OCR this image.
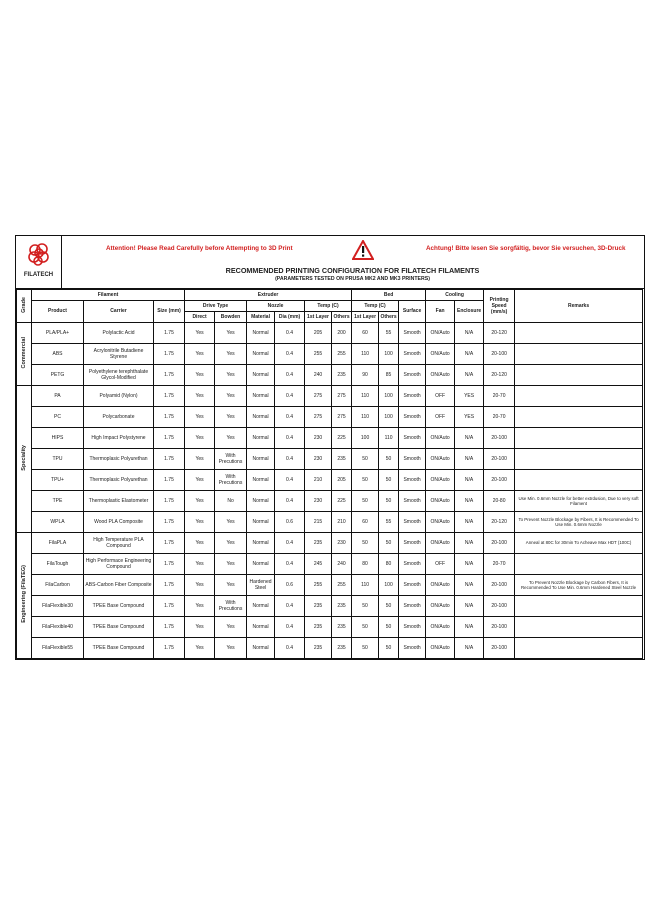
FILATECH
Attention! Please Read Carefully before Attempting to 3D Print	Achtung! Bitte lesen Sie sorgfältig, bevor Sie versuchen, 3D-Druck
RECOMMENDED PRINTING CONFIGURATION FOR FILATECH FILAMENTS
(PARAMETERS TESTED ON PRUSA MK2 AND MK3 PRINTERS)
Grade	Filament			Extruder						Bed			Cooling		Printing Speed (mm/s)	Remarks
	Product	Carrier	Size (mm)	Drive Type		Nozzle		Temp (C)		Temp (C)		Surface	Fan	Enclosure		
				Direct	Bowden	Material	Dia (mm)	1st Layer	Others	1st Layer	Others					
Commercial	PLA/PLA+	Polylactic Acid	1.75	Yes	Yes	Normal	0.4	205	200	60	55	Smooth	ON/Auto	N/A	20-120	
	ABS	Acrylonitrile Butadiene Styrene	1.75	Yes	Yes	Normal	0.4	255	255	110	100	Smooth	ON/Auto	N/A	20-100	
	PETG	Polyethylene terephthalate Glycol-Modified	1.75	Yes	Yes	Normal	0.4	240	235	90	85	Smooth	ON/Auto	N/A	20-120	
Speciality	PA	Polyamid (Nylon)	1.75	Yes	Yes	Normal	0.4	275	275	110	100	Smooth	OFF	YES	20-70	
	PC	Polycarbonate	1.75	Yes	Yes	Normal	0.4	275	275	110	100	Smooth	OFF	YES	20-70	
	HIPS	High Impact Polystyrene	1.75	Yes	Yes	Normal	0.4	230	225	100	110	Smooth	ON/Auto	N/A	20-100	
	TPU	Thermoplasic Polyurethan	1.75	Yes	With Precutions	Normal	0.4	230	235	50	50	Smooth	ON/Auto	N/A	20-100	
	TPU+	Thermoplasic Polyurethan	1.75	Yes	With Precutions	Normal	0.4	210	205	50	50	Smooth	ON/Auto	N/A	20-100	
	TPE	Thermoplastic Elastometer	1.75	Yes	No	Normal	0.4	230	225	50	50	Smooth	ON/Auto	N/A	20-80	Use Min. 0.6mm Nozzle for better extrdusion, Due to very soft Filament
	WPLA	Wood PLA Composite	1.75	Yes	Yes	Normal	0.6	215	210	60	55	Smooth	ON/Auto	N/A	20-120	To Prevent Nozzle Blockage by Fibers, It is Recommended To Use Min. 0.6mm Nozzle
Engineering (FilaTEG)	FilaPLA	High Temperature PLA Compound	1.75	Yes	Yes	Normal	0.4	235	230	50	50	Smooth	ON/Auto	N/A	20-100	Anneal at 80C for 30min To Acheave Max HDT (100C)
	FilaTough	High Performace Engineering Compound	1.75	Yes	Yes	Normal	0.4	245	240	80	80	Smooth	OFF	N/A	20-70	
	FilaCarbon	ABS-Carbon Fiber Composite	1.75	Yes	Yes	Hardened Steel	0.6	255	255	110	100	Smooth	ON/Auto	N/A	20-100	To Prevent Nozzle Blockage by Carbon Fibers, It is Recommended To Use Min. 0.6mm Hardened Steel Nozzle
	FilaFlexible30	TPEE Base Compound	1.75	Yes	With Precutions	Normal	0.4	235	235	50	50	Smooth	ON/Auto	N/A	20-100	
	FilaFlexible40	TPEE Base Compound	1.75	Yes	Yes	Normal	0.4	235	235	50	50	Smooth	ON/Auto	N/A	20-100	
	FilaFlexible55	TPEE Base Compound	1.75	Yes	Yes	Normal	0.4	235	235	50	50	Smooth	ON/Auto	N/A	20-100	
